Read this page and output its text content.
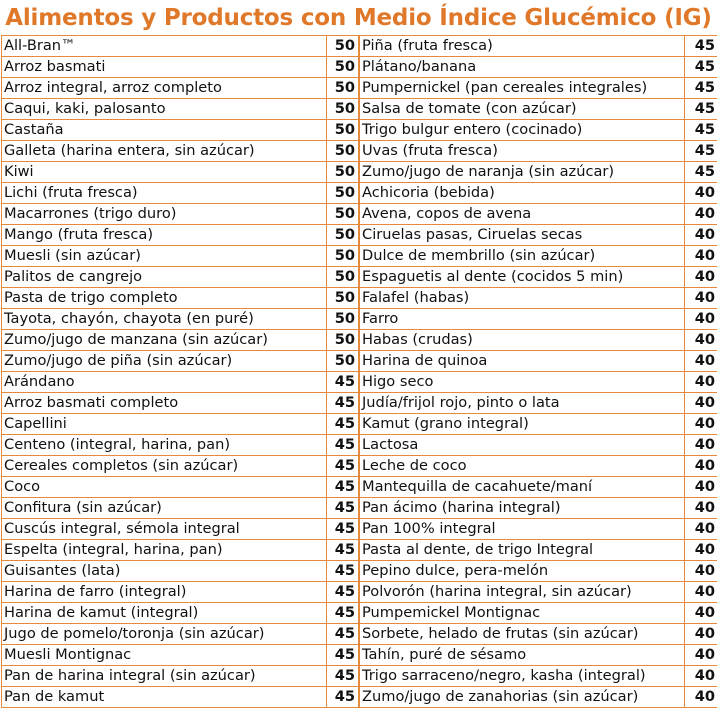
Alimentos y Productos con Medio Índice Glucémico (IG)
All-Bran™	50
Arroz basmati	50
Arroz integral, arroz completo	50
Caqui, kaki, palosanto	50
Castaña	50
Galleta (harina entera, sin azúcar)	50
Kiwi	50
Lichi (fruta fresca)	50
Macarrones (trigo duro)	50
Mango (fruta fresca)	50
Muesli (sin azúcar)	50
Palitos de cangrejo	50
Pasta de trigo completo	50
Tayota, chayón, chayota (en puré)	50
Zumo/jugo de manzana (sin azúcar)	50
Zumo/jugo de piña (sin azúcar)	50
Arándano	45
Arroz basmati completo	45
Capellini	45
Centeno (integral, harina, pan)	45
Cereales completos (sin azúcar)	45
Coco	45
Confitura (sin azúcar)	45
Cuscús integral, sémola integral	45
Espelta (integral, harina, pan)	45
Guisantes (lata)	45
Harina de farro (integral)	45
Harina de kamut (integral)	45
Jugo de pomelo/toronja (sin azúcar)	45
Muesli Montignac	45
Pan de harina integral (sin azúcar)	45
Pan de kamut	45
Piña (fruta fresca)	45
Plátano/banana	45
Pumpernickel (pan cereales integrales)	45
Salsa de tomate (con azúcar)	45
Trigo bulgur entero (cocinado)	45
Uvas (fruta fresca)	45
Zumo/jugo de naranja (sin azúcar)	45
Achicoria (bebida)	40
Avena, copos de avena	40
Ciruelas pasas, Ciruelas secas	40
Dulce de membrillo (sin azúcar)	40
Espaguetis al dente (cocidos 5 min)	40
Falafel (habas)	40
Farro	40
Habas (crudas)	40
Harina de quinoa	40
Higo seco	40
Judía/frijol rojo, pinto o lata	40
Kamut (grano integral)	40
Lactosa	40
Leche de coco	40
Mantequilla de cacahuete/maní	40
Pan ácimo (harina integral)	40
Pan 100% integral	40
Pasta al dente, de trigo Integral	40
Pepino dulce, pera-melón	40
Polvorón (harina integral, sin azúcar)	40
Pumpemickel Montignac	40
Sorbete, helado de frutas (sin azúcar)	40
Tahín, puré de sésamo	40
Trigo sarraceno/negro, kasha (integral)	40
Zumo/jugo de zanahorias (sin azúcar)	40
